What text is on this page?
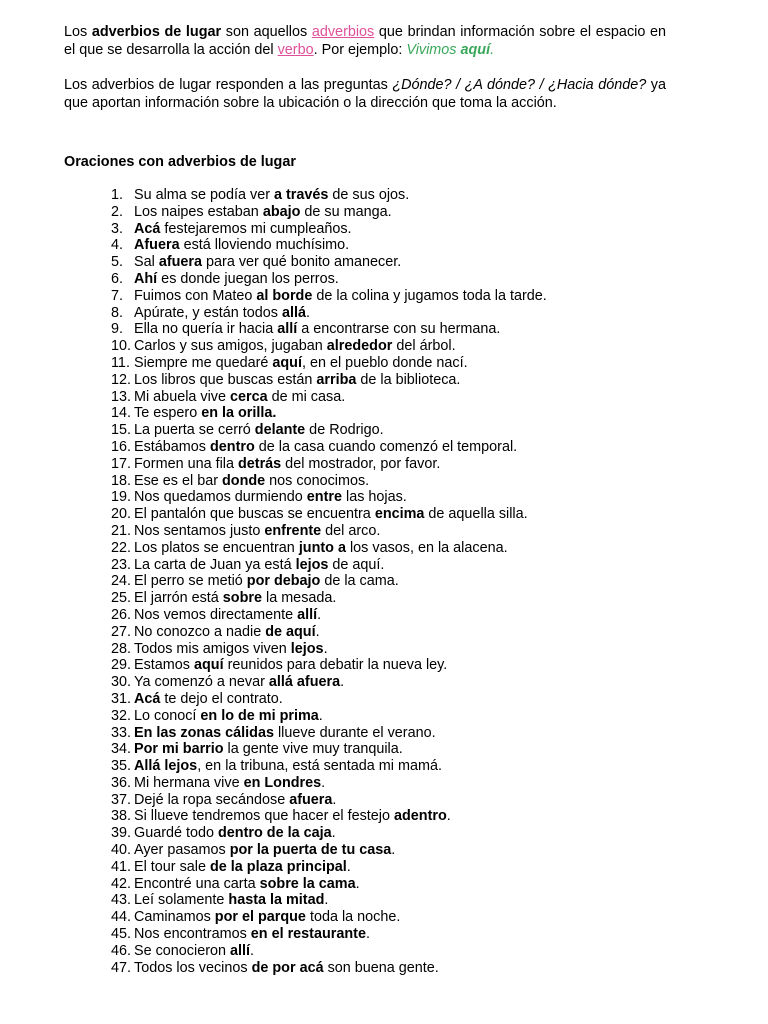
Los adverbios de lugar son aquellos adverbios que brindan información sobre el espacio en el que se desarrolla la acción del verbo. Por ejemplo: Vivimos aquí.

Los adverbios de lugar responden a las preguntas ¿Dónde? / ¿A dónde? / ¿Hacia dónde? ya que aportan información sobre la ubicación o la dirección que toma la acción.

Oraciones con adverbios de lugar

1. Su alma se podía ver a través de sus ojos.
2. Los naipes estaban abajo de su manga.
3. Acá festejaremos mi cumpleaños.
4. Afuera está lloviendo muchísimo.
5. Sal afuera para ver qué bonito amanecer.
6. Ahí es donde juegan los perros.
7. Fuimos con Mateo al borde de la colina y jugamos toda la tarde.
8. Apúrate, y están todos allá.
9. Ella no quería ir hacia allí a encontrarse con su hermana.
10. Carlos y sus amigos, jugaban alrededor del árbol.
11. Siempre me quedaré aquí, en el pueblo donde nací.
12. Los libros que buscas están arriba de la biblioteca.
13. Mi abuela vive cerca de mi casa.
14. Te espero en la orilla.
15. La puerta se cerró delante de Rodrigo.
16. Estábamos dentro de la casa cuando comenzó el temporal.
17. Formen una fila detrás del mostrador, por favor.
18. Ese es el bar donde nos conocimos.
19. Nos quedamos durmiendo entre las hojas.
20. El pantalón que buscas se encuentra encima de aquella silla.
21. Nos sentamos justo enfrente del arco.
22. Los platos se encuentran junto a los vasos, en la alacena.
23. La carta de Juan ya está lejos de aquí.
24. El perro se metió por debajo de la cama.
25. El jarrón está sobre la mesada.
26. Nos vemos directamente allí.
27. No conozco a nadie de aquí.
28. Todos mis amigos viven lejos.
29. Estamos aquí reunidos para debatir la nueva ley.
30. Ya comenzó a nevar allá afuera.
31. Acá te dejo el contrato.
32. Lo conocí en lo de mi prima.
33. En las zonas cálidas llueve durante el verano.
34. Por mi barrio la gente vive muy tranquila.
35. Allá lejos, en la tribuna, está sentada mi mamá.
36. Mi hermana vive en Londres.
37. Dejé la ropa secándose afuera.
38. Si llueve tendremos que hacer el festejo adentro.
39. Guardé todo dentro de la caja.
40. Ayer pasamos por la puerta de tu casa.
41. El tour sale de la plaza principal.
42. Encontré una carta sobre la cama.
43. Leí solamente hasta la mitad.
44. Caminamos por el parque toda la noche.
45. Nos encontramos en el restaurante.
46. Se conocieron allí.
47. Todos los vecinos de por acá son buena gente.
